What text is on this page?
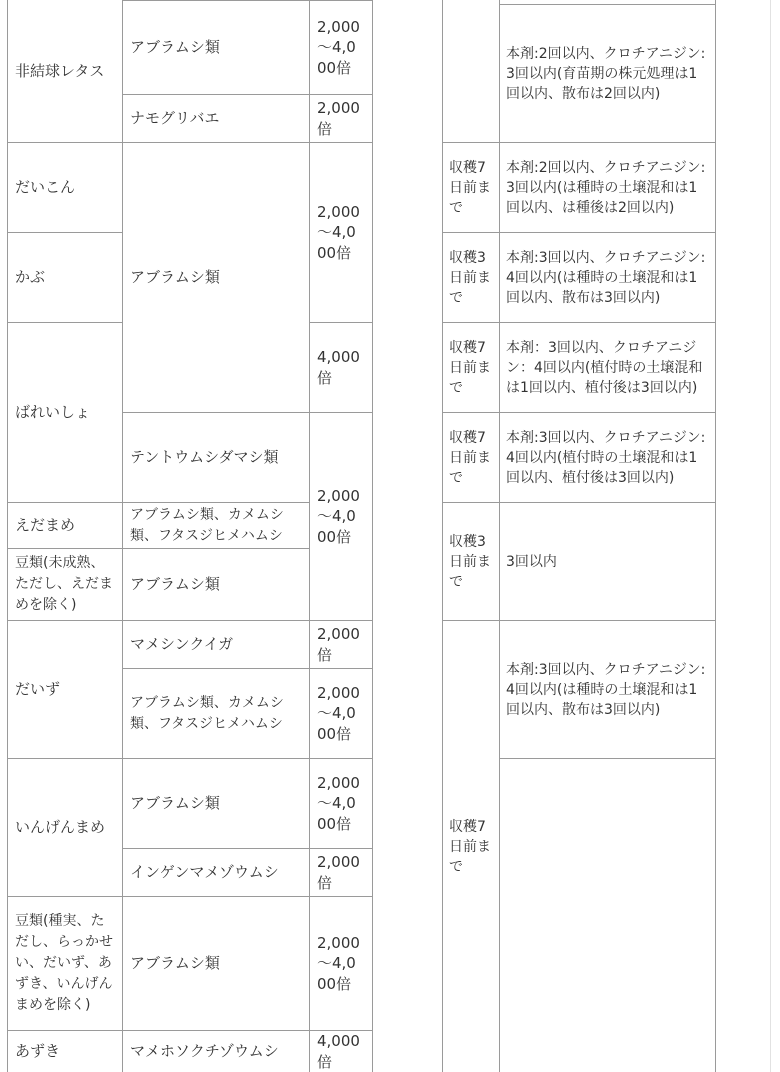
非結球レタス
だいこん
かぶ
ばれいしょ
えだまめ
豆類(未成熟、ただし、えだまめを除く)
だいず
いんげんまめ
豆類(種実、ただし、らっかせい、だいず、あずき、いんげんまめを除く)
あずき
アブラムシ類
ナモグリバエ
アブラムシ類
テントウムシダマシ類
アブラムシ類、カメムシ類、フタスジヒメハムシ
アブラムシ類
マメシンクイガ
アブラムシ類、カメムシ類、フタスジヒメハムシ
アブラムシ類
インゲンマメゾウムシ
アブラムシ類
マメホソクチゾウムシ
2,000～4,000倍
2,000倍
2,000～4,000倍
4,000倍
2,000～4,000倍
2,000倍
2,000～4,000倍
2,000～4,000倍
2,000倍
2,000～4,000倍
4,000倍
収穫7日前まで
収穫3日前まで
収穫7日前まで
収穫7日前まで
収穫3日前まで
収穫7日前まで
本剤:2回以内、クロチアニジン:3回以内(育苗期の株元処理は1回以内、散布は2回以内)
本剤:2回以内、クロチアニジン:3回以内(は種時の土壌混和は1回以内、は種後は2回以内)
本剤:3回以内、クロチアニジン:4回以内(は種時の土壌混和は1回以内、散布は3回以内)
本剤：3回以内、クロチアニジン：4回以内(植付時の土壌混和は1回以内、植付後は3回以内)
本剤:3回以内、クロチアニジン:4回以内(植付時の土壌混和は1回以内、植付後は3回以内)
3回以内
本剤:3回以内、クロチアニジン:4回以内(は種時の土壌混和は1回以内、散布は3回以内)
